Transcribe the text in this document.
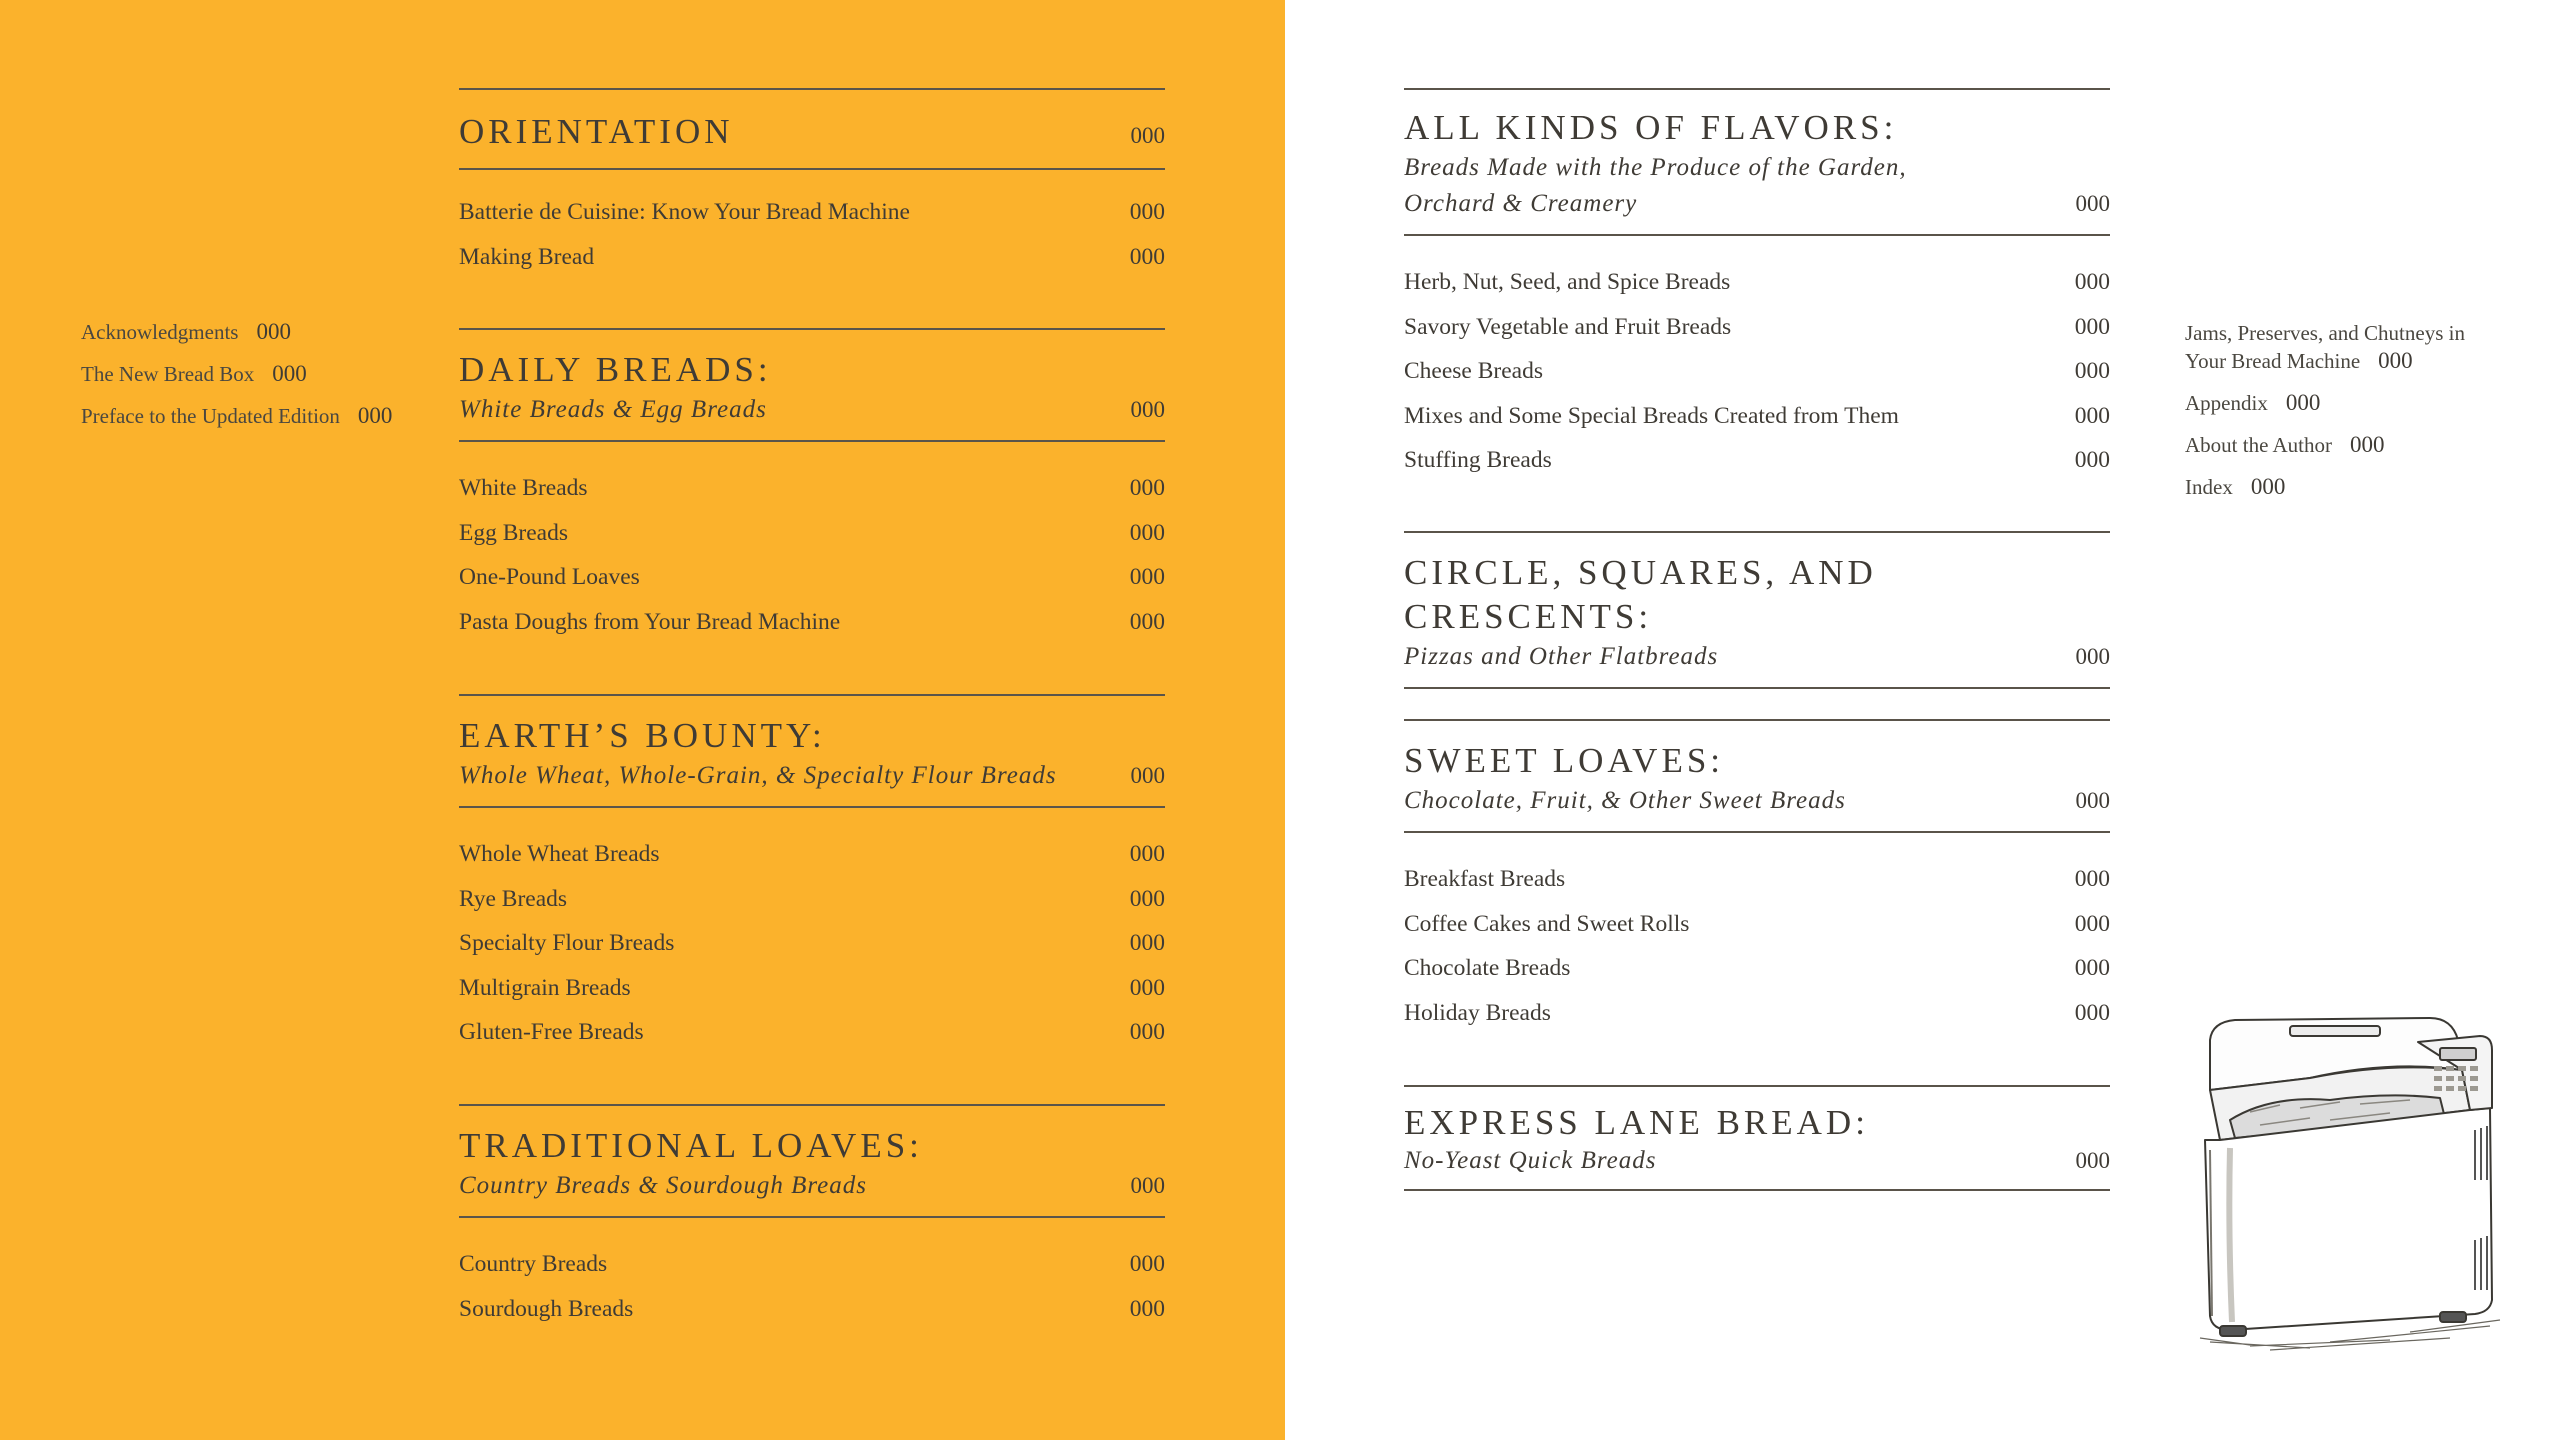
Acknowledgments 000
The New Bread Box 000
Preface to the Updated Edition 000
ORIENTATION	000
Batterie de Cuisine: Know Your Bread Machine	000
Making Bread	000
DAILY BREADS:
White Breads & Egg Breads	000
White Breads	000
Egg Breads	000
One-Pound Loaves	000
Pasta Doughs from Your Bread Machine	000
EARTH’S BOUNTY:
Whole Wheat, Whole-Grain, & Specialty Flour Breads	000
Whole Wheat Breads	000
Rye Breads	000
Specialty Flour Breads	000
Multigrain Breads	000
Gluten-Free Breads	000
TRADITIONAL LOAVES:
Country Breads & Sourdough Breads	000
Country Breads	000
Sourdough Breads	000
ALL KINDS OF FLAVORS:
Breads Made with the Produce of the Garden,
Orchard & Creamery	000
Herb, Nut, Seed, and Spice Breads	000
Savory Vegetable and Fruit Breads	000
Cheese Breads	000
Mixes and Some Special Breads Created from Them	000
Stuffing Breads	000
CIRCLE, SQUARES, AND CRESCENTS:
Pizzas and Other Flatbreads	000
SWEET LOAVES:
Chocolate, Fruit, & Other Sweet Breads	000
Breakfast Breads	000
Coffee Cakes and Sweet Rolls	000
Chocolate Breads	000
Holiday Breads	000
EXPRESS LANE BREAD:
No-Yeast Quick Breads	000
Jams, Preserves, and Chutneys in
Your Bread Machine 000
Appendix 000
About the Author 000
Index 000
